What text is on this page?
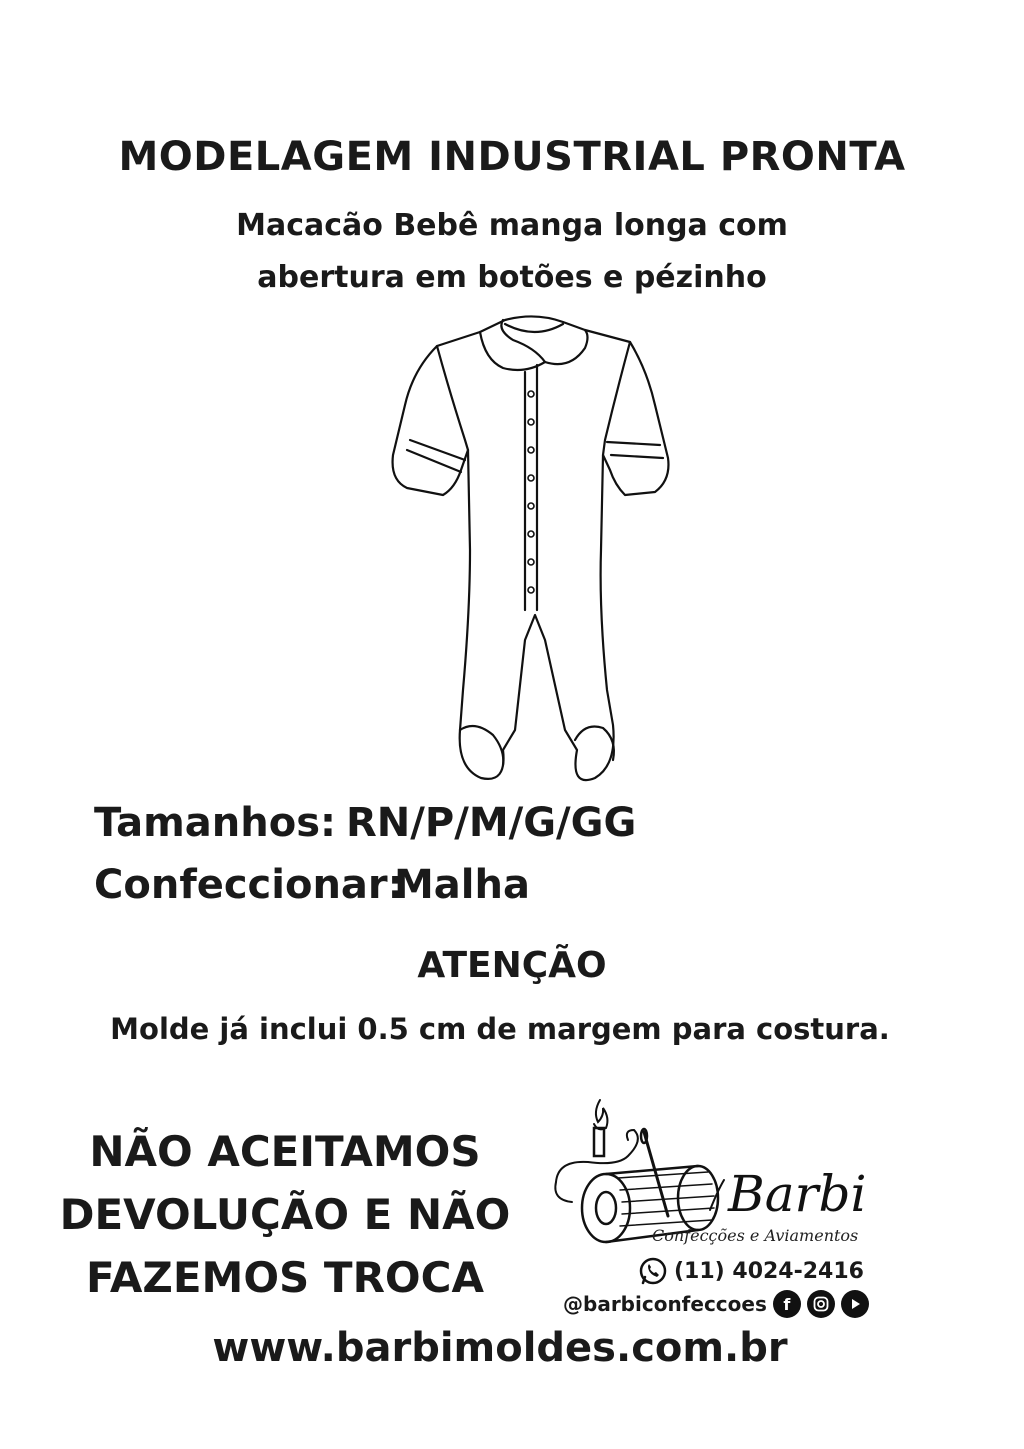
MODELAGEM INDUSTRIAL PRONTA
Macacão Bebê manga longa com
abertura em botões e pézinho
Tamanhos: RN/P/M/G/GG
Confeccionar:
Malha
ATENÇÃO
Molde já inclui 0.5 cm de margem para costura.
NÃO ACEITAMOS
DEVOLUÇÃO E NÃO
FAZEMOS TROCA
Barbi
Confecções e Aviamentos
(11) 4024-2416
@barbiconfeccoes	f
www.barbimoldes.com.br
